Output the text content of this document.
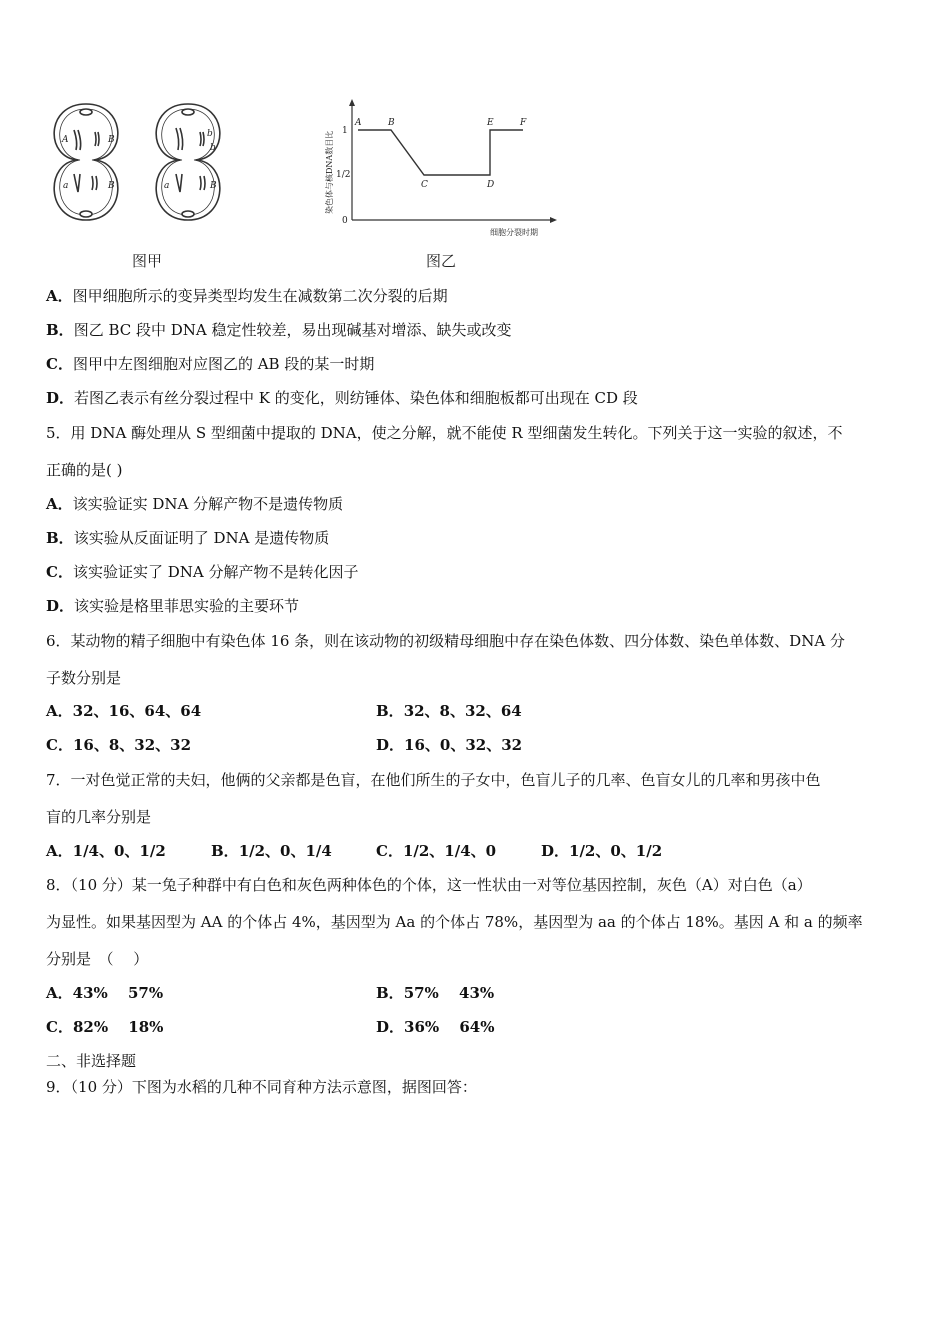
A	B
a	B
b
b
a	B	染色体与核DNA数目比
细胞分裂时期
1
1/2
0
A	B
C	D
E	F
图甲	图乙
A．图甲细胞所示的变异类型均发生在减数第二次分裂的后期
B．图乙 BC 段中 DNA 稳定性较差，易出现碱基对增添、缺失或改变
C．图甲中左图细胞对应图乙的 AB 段的某一时期
D．若图乙表示有丝分裂过程中 K 的变化，则纺锤体、染色体和细胞板都可出现在 CD 段
5．用 DNA 酶处理从 S 型细菌中提取的 DNA，使之分解，就不能使 R 型细菌发生转化。下列关于这一实验的叙述，不
正确的是( )
A．该实验证实 DNA 分解产物不是遗传物质
B．该实验从反面证明了 DNA 是遗传物质
C．该实验证实了 DNA 分解产物不是转化因子
D．该实验是格里菲思实验的主要环节
6．某动物的精子细胞中有染色体 16 条，则在该动物的初级精母细胞中存在染色体数、四分体数、染色单体数、DNA 分
子数分别是
A．32、16、64、64	B．32、8、32、64
C．16、8、32、32	D．16、0、32、32
7．一对色觉正常的夫妇，他俩的父亲都是色盲，在他们所生的子女中，色盲儿子的几率、色盲女儿的几率和男孩中色
盲的几率分别是
A．1/4、0、1/2	B．1/2、0、1/4	C．1/2、1/4、0	D．1/2、0、1/2
8．（10 分）某一兔子种群中有白色和灰色两种体色的个体，这一性状由一对等位基因控制，灰色（A）对白色（a）
为显性。如果基因型为 AA 的个体占 4%，基因型为 Aa 的个体占 78%，基因型为 aa 的个体占 18%。基因 A 和 a 的频率
分别是　（　 ）
A．43%　 57%	B．57%　 43%
C．82%　 18%	D．36%　 64%
二、非选择题
9．（10 分）下图为水稻的几种不同育种方法示意图，据图回答：
